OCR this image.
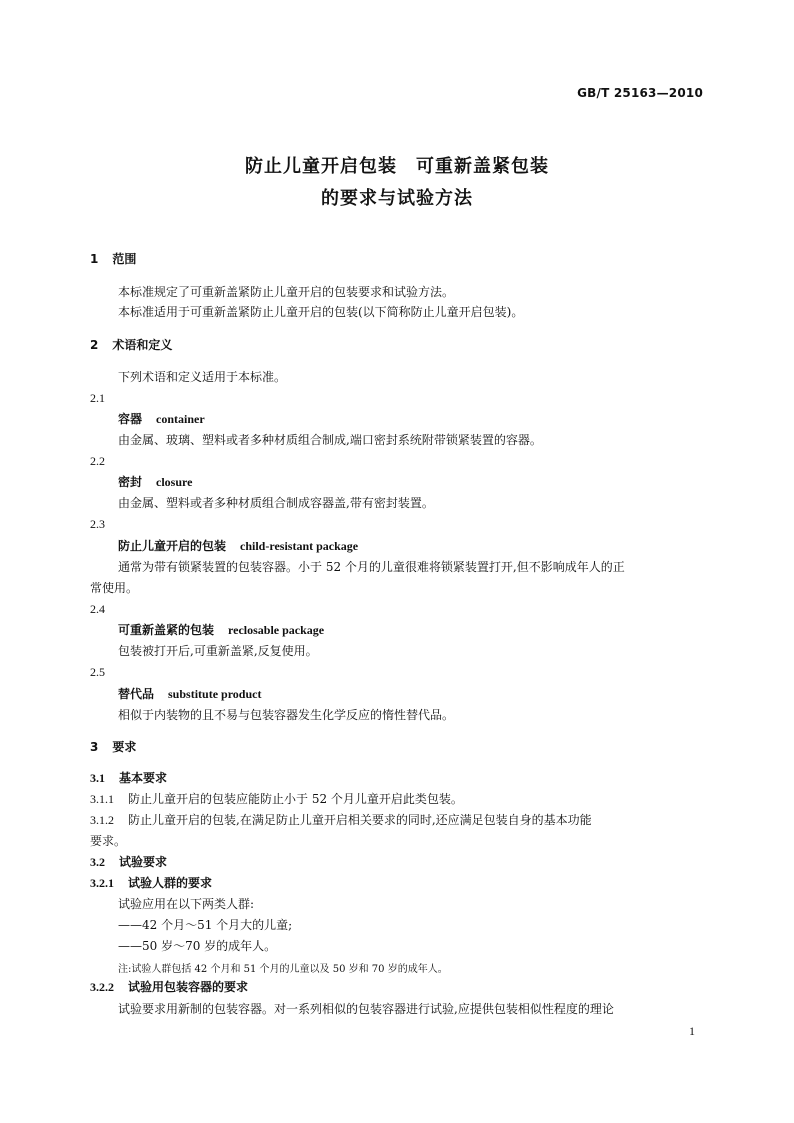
GB/T 25163—2010
防止儿童开启包装　可重新盖紧包装
的要求与试验方法
1 范围
本标准规定了可重新盖紧防止儿童开启的包装要求和试验方法。
本标准适用于可重新盖紧防止儿童开启的包装(以下简称防止儿童开启包装)。
2 术语和定义
下列术语和定义适用于本标准。
2.1
容器 container
由金属、玻璃、塑料或者多种材质组合制成,端口密封系统附带锁紧装置的容器。
2.2
密封 closure
由金属、塑料或者多种材质组合制成容器盖,带有密封装置。
2.3
防止儿童开启的包装 child-resistant package
通常为带有锁紧装置的包装容器。小于 52 个月的儿童很难将锁紧装置打开,但不影响成年人的正
常使用。
2.4
可重新盖紧的包装 reclosable package
包装被打开后,可重新盖紧,反复使用。
2.5
替代品 substitute product
相似于内装物的且不易与包装容器发生化学反应的惰性替代品。
3 要求
3.1 基本要求
3.1.1 防止儿童开启的包装应能防止小于 52 个月儿童开启此类包装。
3.1.2 防止儿童开启的包装,在满足防止儿童开启相关要求的同时,还应满足包装自身的基本功能
要求。
3.2 试验要求
3.2.1 试验人群的要求
试验应用在以下两类人群:
——42 个月～51 个月大的儿童;
——50 岁～70 岁的成年人。
注:试验人群包括 42 个月和 51 个月的儿童以及 50 岁和 70 岁的成年人。
3.2.2 试验用包装容器的要求
试验要求用新制的包装容器。对一系列相似的包装容器进行试验,应提供包装相似性程度的理论
1
